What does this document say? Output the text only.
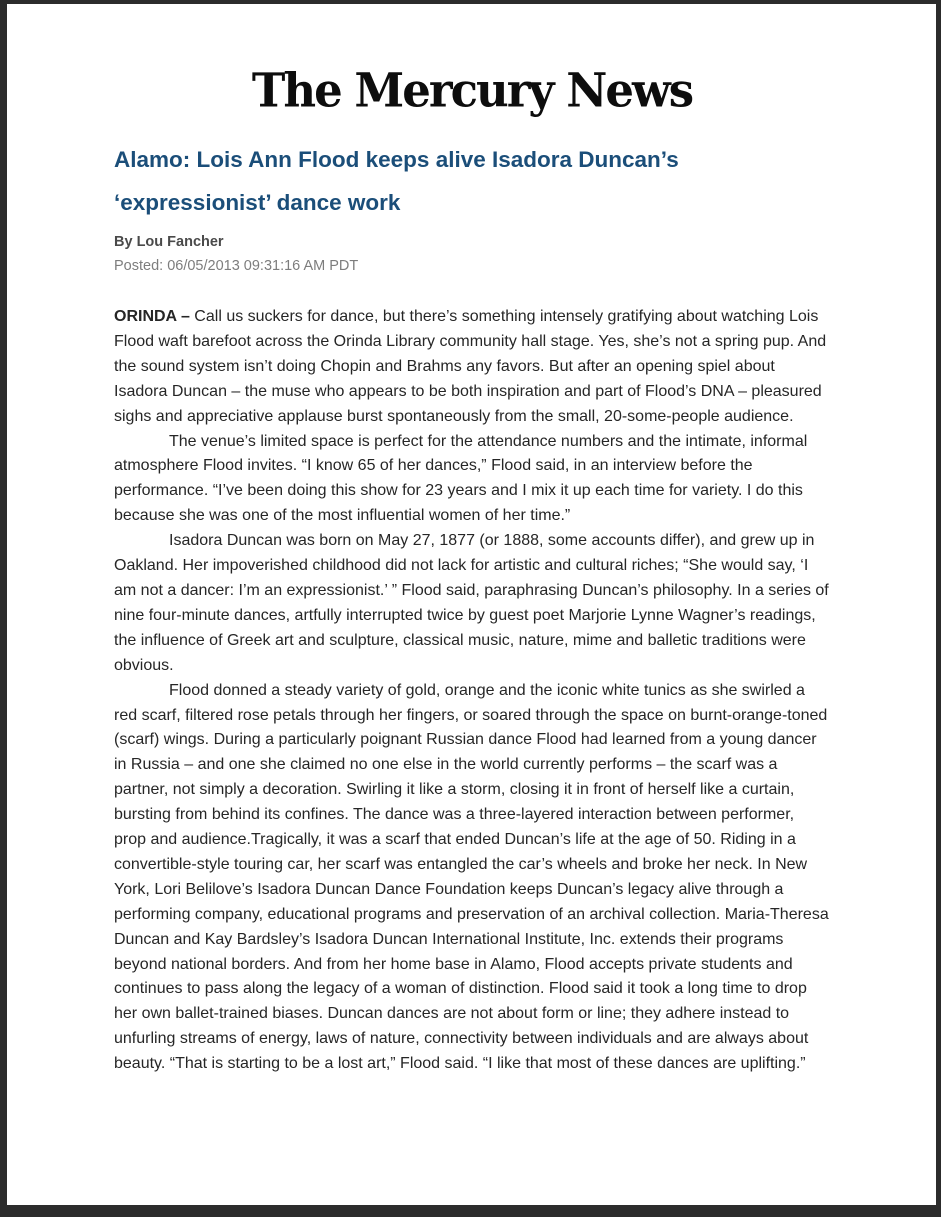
The Mercury News
Alamo: Lois Ann Flood keeps alive Isadora Duncan’s ‘expressionist’ dance work
By Lou Fancher
Posted: 06/05/2013 09:31:16 AM PDT

ORINDA – Call us suckers for dance, but there’s something intensely gratifying about watching Lois Flood waft barefoot across the Orinda Library community hall stage. Yes, she’s not a spring pup. And the sound system isn’t doing Chopin and Brahms any favors. But after an opening spiel about Isadora Duncan – the muse who appears to be both inspiration and part of Flood’s DNA – pleasured sighs and appreciative applause burst spontaneously from the small, 20-some-people audience.

The venue’s limited space is perfect for the attendance numbers and the intimate, informal atmosphere Flood invites. “I know 65 of her dances,” Flood said, in an interview before the performance. “I’ve been doing this show for 23 years and I mix it up each time for variety. I do this because she was one of the most influential women of her time.”

Isadora Duncan was born on May 27, 1877 (or 1888, some accounts differ), and grew up in Oakland. Her impoverished childhood did not lack for artistic and cultural riches; “She would say, ‘I am not a dancer: I’m an expressionist.’ ” Flood said, paraphrasing Duncan’s philosophy. In a series of nine four-minute dances, artfully interrupted twice by guest poet Marjorie Lynne Wagner’s readings, the influence of Greek art and sculpture, classical music, nature, mime and balletic traditions were obvious.

Flood donned a steady variety of gold, orange and the iconic white tunics as she swirled a red scarf, filtered rose petals through her fingers, or soared through the space on burnt-orange-toned (scarf) wings. During a particularly poignant Russian dance Flood had learned from a young dancer in Russia – and one she claimed no one else in the world currently performs – the scarf was a partner, not simply a decoration. Swirling it like a storm, closing it in front of herself like a curtain, bursting from behind its confines. The dance was a three-layered interaction between performer, prop and audience.Tragically, it was a scarf that ended Duncan’s life at the age of 50. Riding in a convertible-style touring car, her scarf was entangled the car’s wheels and broke her neck. In New York, Lori Belilove’s Isadora Duncan Dance Foundation keeps Duncan’s legacy alive through a performing company, educational programs and preservation of an archival collection. Maria-Theresa Duncan and Kay Bardsley’s Isadora Duncan International Institute, Inc. extends their programs beyond national borders. And from her home base in Alamo, Flood accepts private students and continues to pass along the legacy of a woman of distinction. Flood said it took a long time to drop her own ballet-trained biases. Duncan dances are not about form or line; they adhere instead to unfurling streams of energy, laws of nature, connectivity between individuals and are always about beauty. “That is starting to be a lost art,” Flood said. “I like that most of these dances are uplifting.”
